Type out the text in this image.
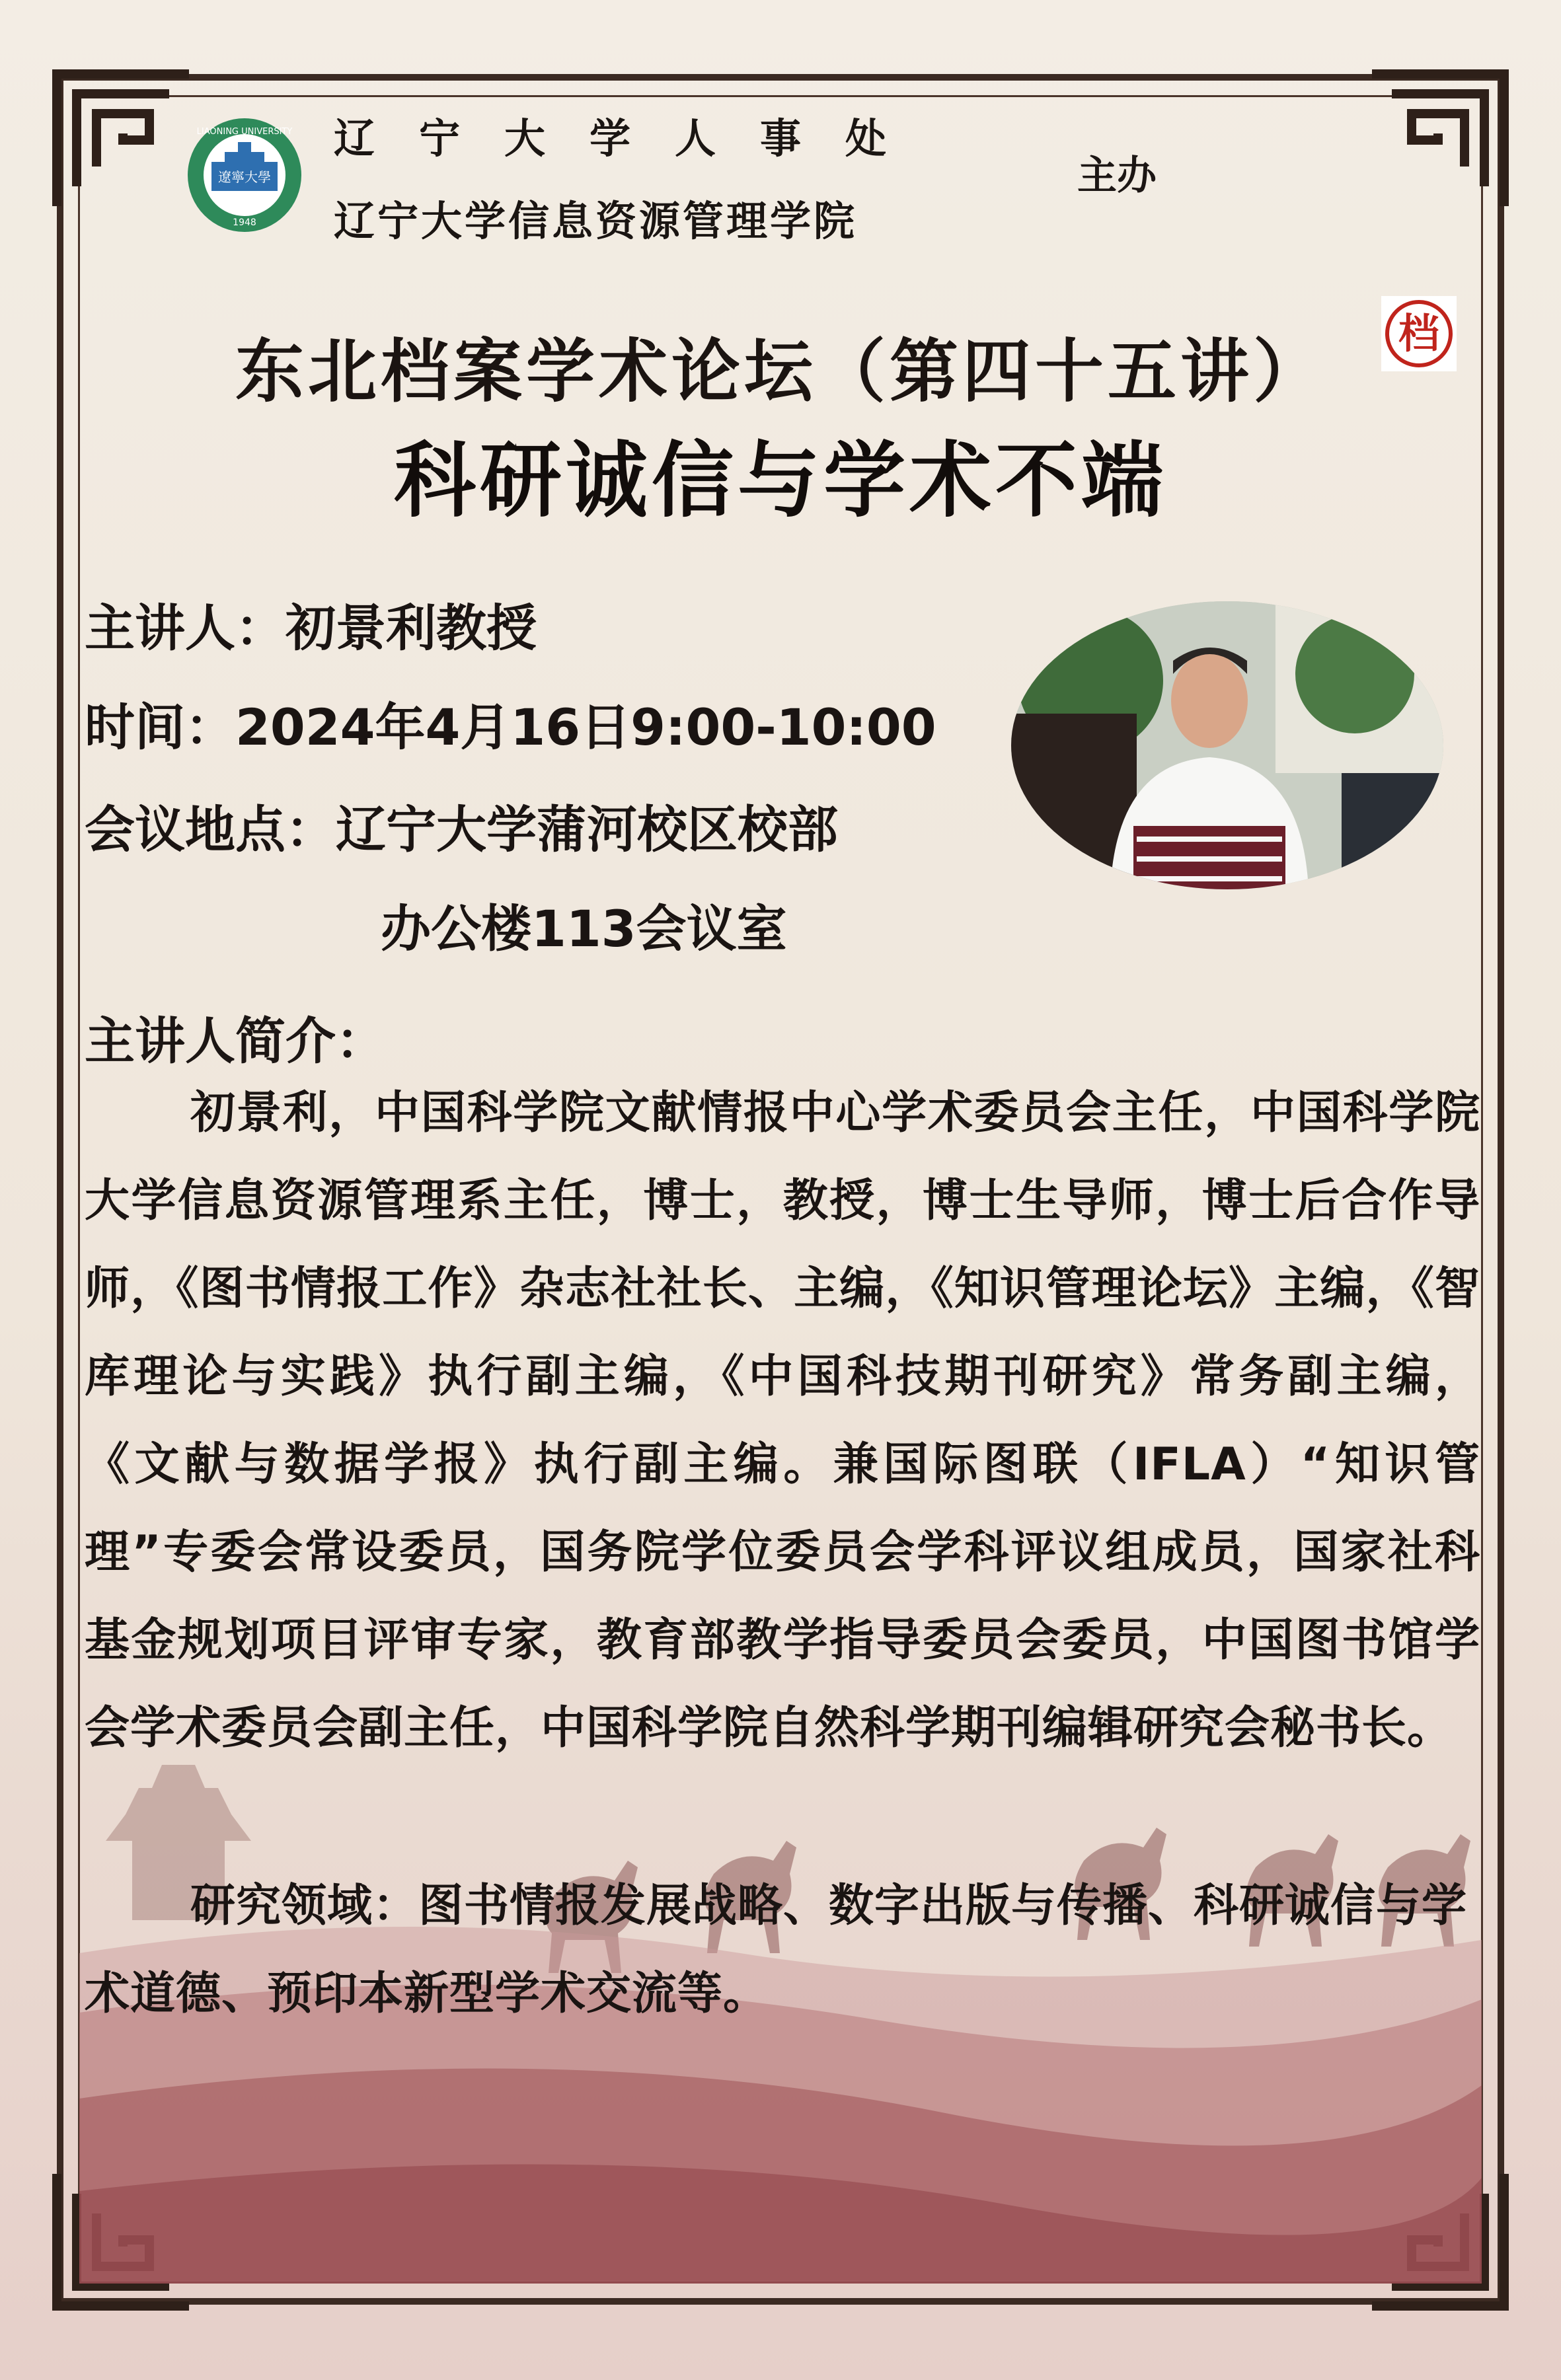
LIAONING UNIVERSITY
遼寧大學
1948
辽宁大学人事处
辽宁大学信息资源管理学院
主办
东北档案学术论坛（第四十五讲）	档
科研诚信与学术不端
主讲人：初景利教授
时间：2024年4月16日9:00-10:00
会议地点：辽宁大学蒲河校区校部
办公楼113会议室
主讲人简介：
初景利，中国科学院文献情报中心学术委员会主任，中国科学院大学信息资源管理系主任，博士，教授，博士生导师，博士后合作导师，《图书情报工作》杂志社社长、主编，《知识管理论坛》主编，《智库理论与实践》执行副主编，《中国科技期刊研究》常务副主编， 《文献与数据学报》执行副主编。兼国际图联（IFLA）“知识管理”专委会常设委员，国务院学位委员会学科评议组成员，国家社科基金规划项目评审专家，教育部教学指导委员会委员，中国图书馆学会学术委员会副主任，中国科学院自然科学期刊编辑研究会秘书长。
研究领域：图书情报发展战略、数字出版与传播、科研诚信与学术道德、预印本新型学术交流等。
